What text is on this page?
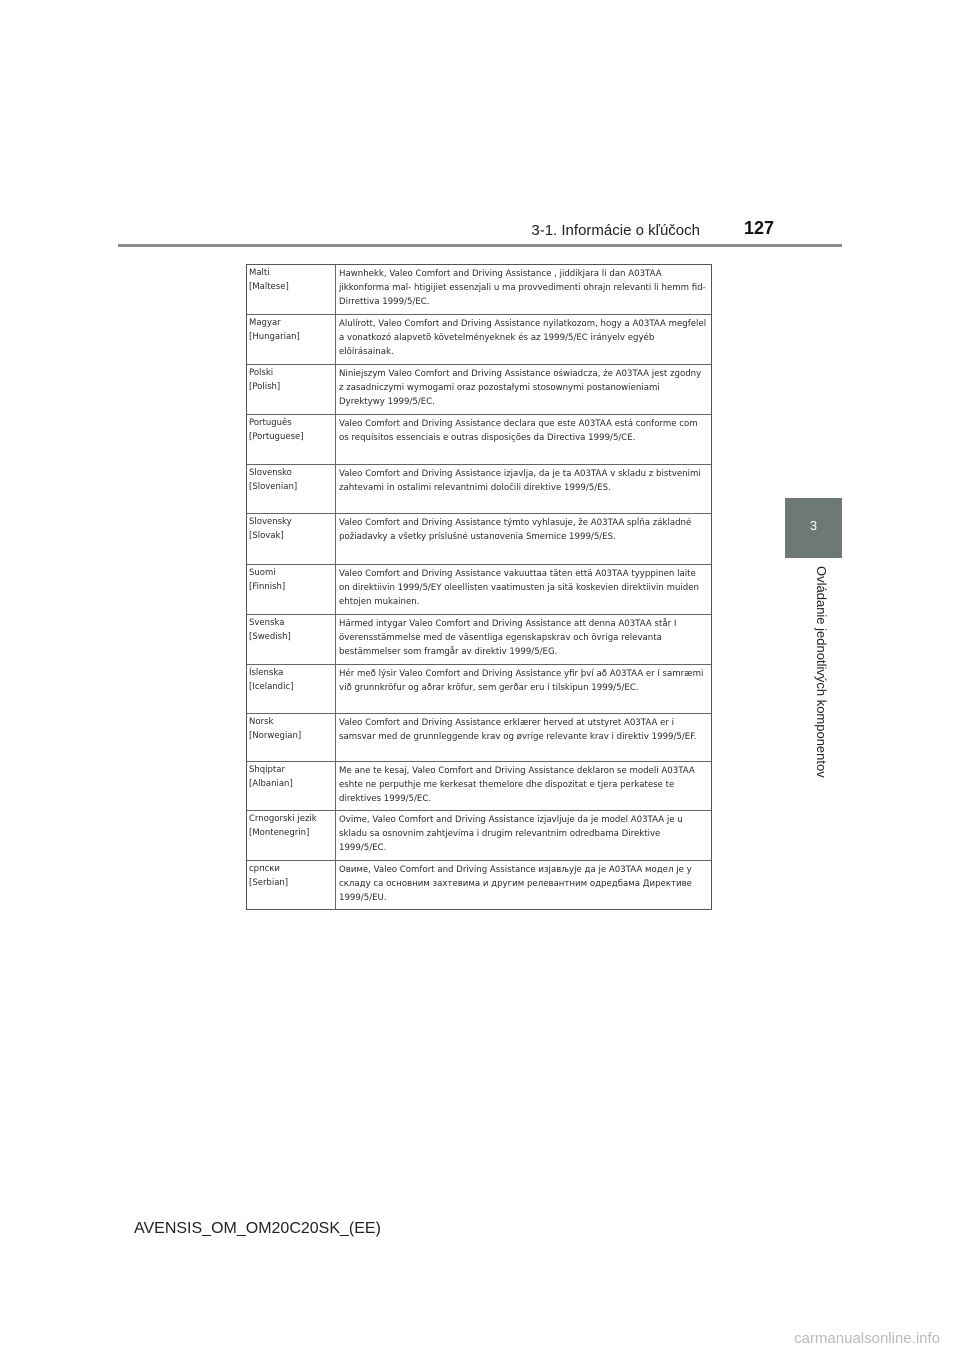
3-1. Informácie o kľúčoch 127
3
Ovládanie jednotlivých komponentov
Malti
[Maltese]
Hawnhekk, Valeo Comfort and Driving Assistance , jiddikjara li dan A03TAA jikkonforma mal- htigijiet essenzjali u ma provvedimenti ohrajn relevanti li hemm fid-Dirrettiva 1999/5/EC.
Magyar
[Hungarian]
Alulírott, Valeo Comfort and Driving Assistance nyilatkozom, hogy a A03TAA megfelel a vonatkozó alapvetõ követelményeknek és az 1999/5/EC irányelv egyéb elõírásainak.
Polski
[Polish]
Niniejszym Valeo Comfort and Driving Assistance oświadcza, że A03TAA jest zgodny z zasadniczymi wymogami oraz pozostałymi stosownymi postanowieniami Dyrektywy 1999/5/EC.
Português
[Portuguese]
Valeo Comfort and Driving Assistance declara que este A03TAA está conforme com os requisitos essenciais e outras disposições da Directiva 1999/5/CE.
Slovensko
[Slovenian]
Valeo Comfort and Driving Assistance izjavlja, da je ta A03TAA v skladu z bistvenimi zahtevami in ostalimi relevantnimi določili direktive 1999/5/ES.
Slovensky
[Slovak]
Valeo Comfort and Driving Assistance týmto vyhlasuje, že A03TAA spĺňa základné požiadavky a všetky príslušné ustanovenia Smernice 1999/5/ES.
Suomi
[Finnish]
Valeo Comfort and Driving Assistance vakuuttaa täten että A03TAA tyyppinen laite on direktiivin 1999/5/EY oleellisten vaatimusten ja sitä koskevien direktiivin muiden ehtojen mukainen.
Svenska
[Swedish]
Härmed intygar Valeo Comfort and Driving Assistance att denna A03TAA står I överensstämmelse med de väsentliga egenskapskrav och övriga relevanta bestämmelser som framgår av direktiv 1999/5/EG.
Íslenska
[Icelandic]
Hér með lýsir Valeo Comfort and Driving Assistance yfir því að A03TAA er í samræmi við grunnkröfur og aðrar kröfur, sem gerðar eru í tilskipun 1999/5/EC.
Norsk
[Norwegian]
Valeo Comfort and Driving Assistance erklærer herved at utstyret A03TAA er i samsvar med de grunnleggende krav og øvrige relevante krav i direktiv 1999/5/EF.
Shqiptar
[Albanian]
Me ane te kesaj, Valeo Comfort and Driving Assistance deklaron se modeli A03TAA eshte ne perputhje me kerkesat themelore dhe dispozitat e tjera perkatese te direktives 1999/5/EC.
Crnogorski jezik
[Montenegrin]
Ovime, Valeo Comfort and Driving Assistance izjavljuje da je model A03TAA je u skladu sa osnovnim zahtjevima i drugim relevantnim odredbama Direktive 1999/5/EC.
српски
[Serbian]
Овиме, Valeo Comfort and Driving Assistance изјављује да је A03TAA модел је у складу са основним захтевима и другим релевантним одредбама Директиве 1999/5/EU.
AVENSIS_OM_OM20C20SK_(EE)
carmanualsonline.info
